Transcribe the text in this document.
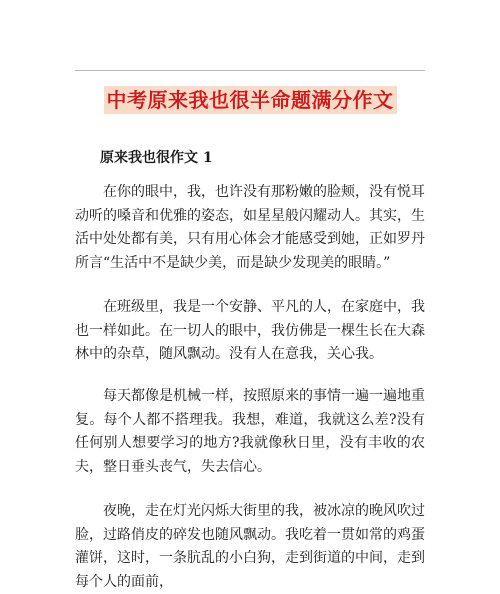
中考原来我也很半命题满分作文
原来我也很作文 1

在你的眼中，我，也许没有那粉嫩的脸颊，没有悦耳动听的嗓音和优雅的姿态，如星星般闪耀动人。其实，生活中处处都有美，只有用心体会才能感受到她，正如罗丹所言“生活中不是缺少美，而是缺少发现美的眼睛。”

在班级里，我是一个安静、平凡的人，在家庭中，我也一样如此。在一切人的眼中，我仿佛是一棵生长在大森林中的杂草，随风飘动。没有人在意我，关心我。

每天都像是机械一样，按照原来的事情一遍一遍地重复。每个人都不搭理我。我想，难道，我就这么差?没有任何别人想要学习的地方?我就像秋日里，没有丰收的农夫，整日垂头丧气，失去信心。

夜晚，走在灯光闪烁大街里的我，被冰凉的晚风吹过脸，过路俏皮的碎发也随风飘动。我吃着一贯如常的鸡蛋灌饼，这时，一条肮乱的小白狗，走到街道的中间，走到每个人的面前，
